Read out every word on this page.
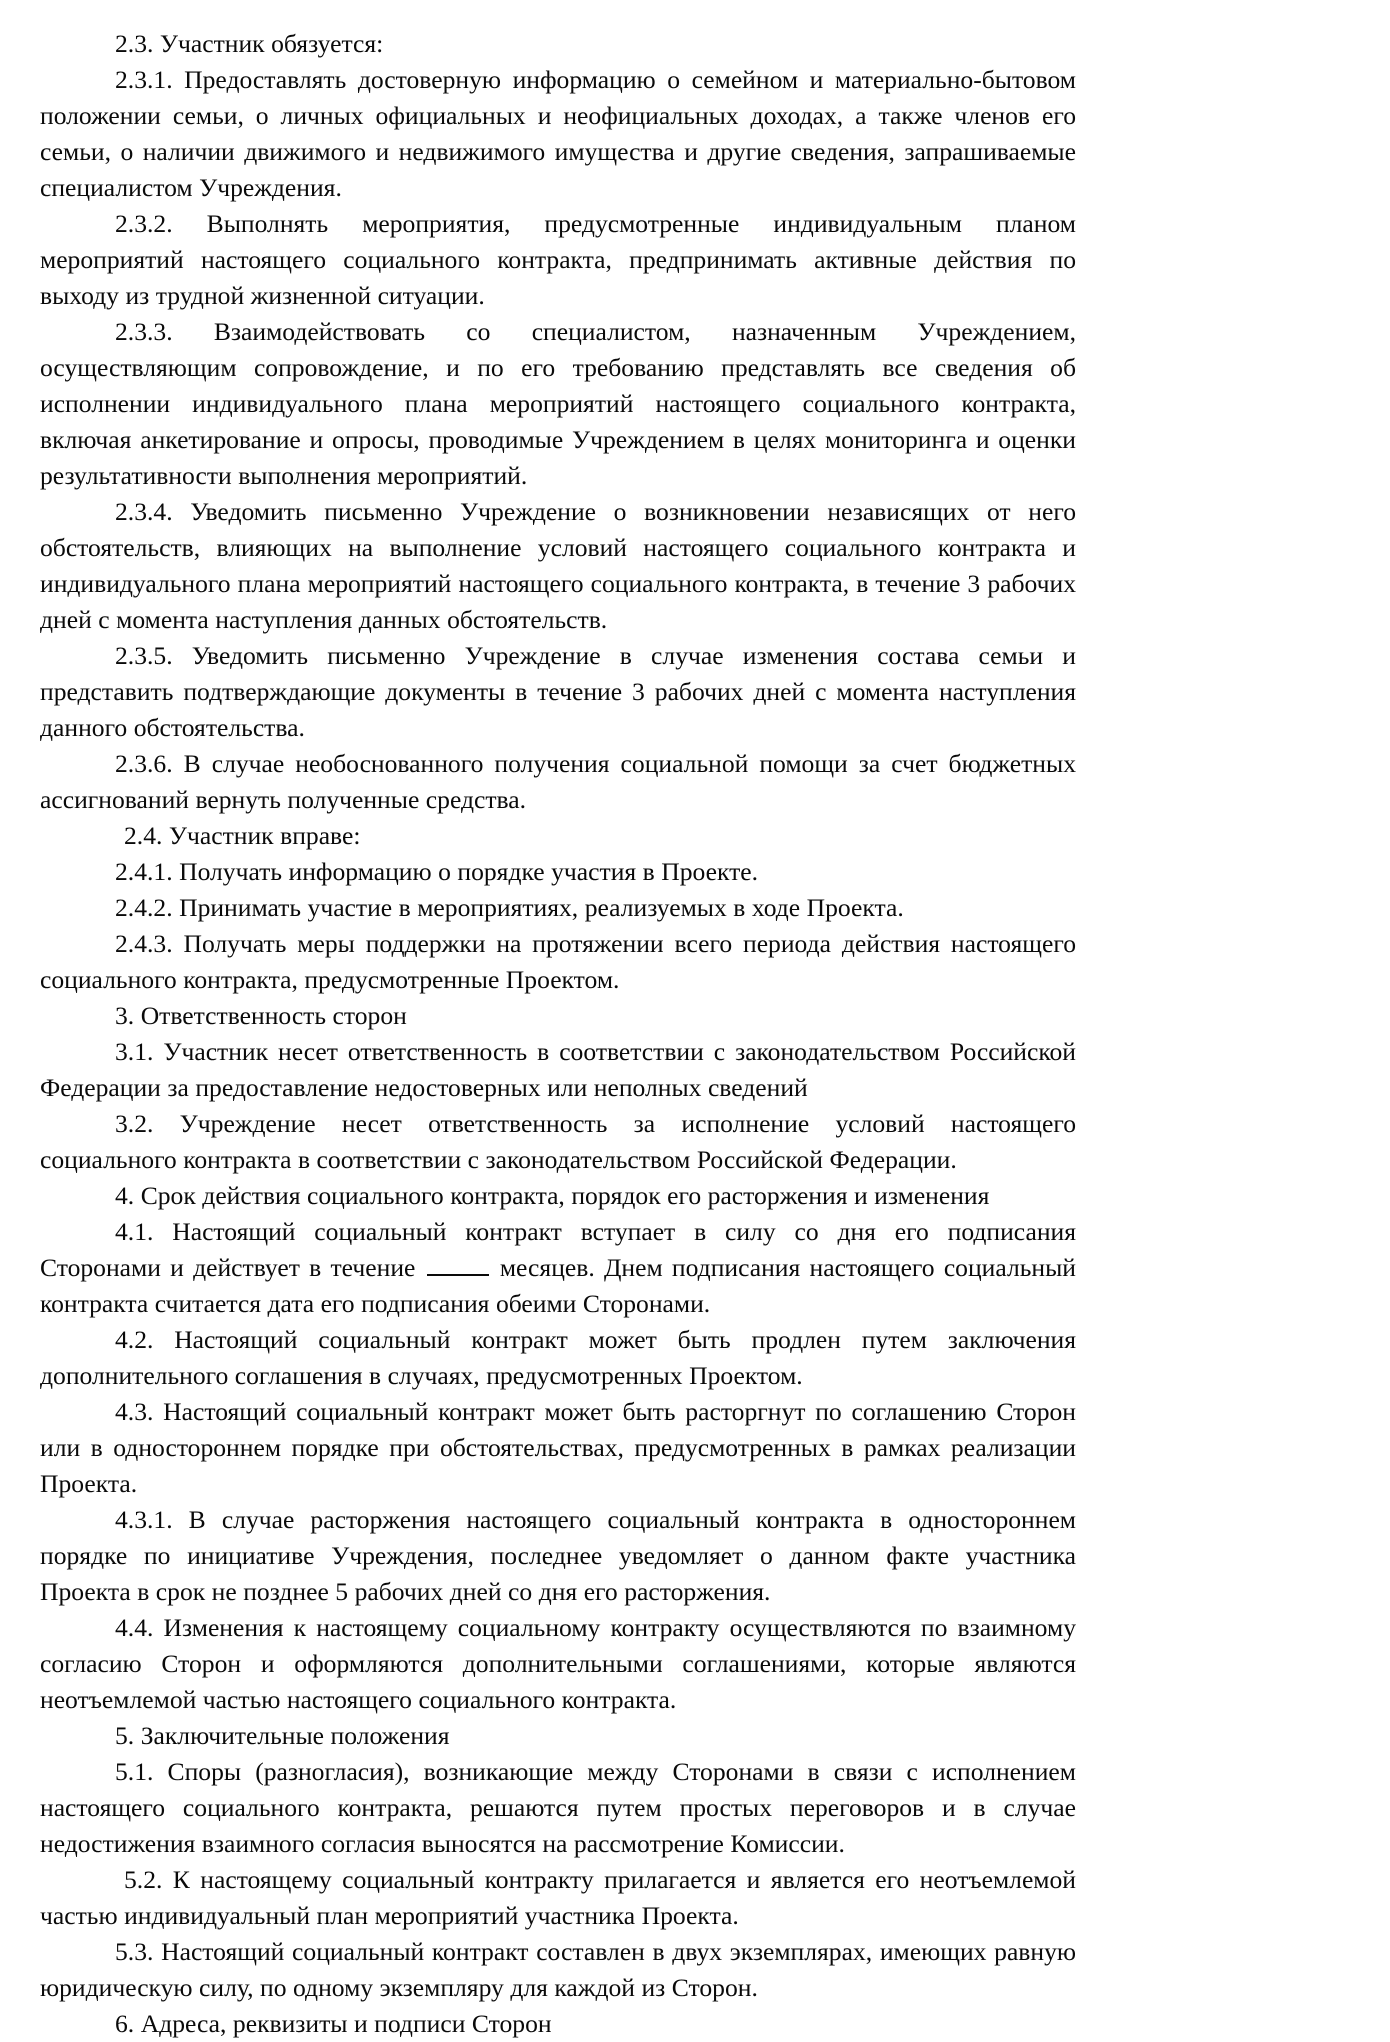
2.3. Участник обязуется:

2.3.1. Предоставлять достоверную информацию о семейном и материально-бытовом положении семьи, о личных официальных и неофициальных доходах, а также членов его семьи, о наличии движимого и недвижимого имущества и другие сведения, запрашиваемые специалистом Учреждения.

2.3.2. Выполнять мероприятия, предусмотренные индивидуальным планом мероприятий настоящего социального контракта, предпринимать активные действия по выходу из трудной жизненной ситуации.

2.3.3. Взаимодействовать со специалистом, назначенным Учреждением, осуществляющим сопровождение, и по его требованию представлять все сведения об исполнении индивидуального плана мероприятий настоящего социального контракта, включая анкетирование и опросы, проводимые Учреждением в целях мониторинга и оценки результативности выполнения мероприятий.

2.3.4. Уведомить письменно Учреждение о возникновении независящих от него обстоятельств, влияющих на выполнение условий настоящего социального контракта и индивидуального плана мероприятий настоящего социального контракта, в течение 3 рабочих дней с момента наступления данных обстоятельств.

2.3.5. Уведомить письменно Учреждение в случае изменения состава семьи и представить подтверждающие документы в течение 3 рабочих дней с момента наступления данного обстоятельства.

2.3.6. В случае необоснованного получения социальной помощи за счет бюджетных ассигнований вернуть полученные средства.

2.4. Участник вправе:

2.4.1. Получать информацию о порядке участия в Проекте.

2.4.2. Принимать участие в мероприятиях, реализуемых в ходе Проекта.

2.4.3. Получать меры поддержки на протяжении всего периода действия настоящего социального контракта, предусмотренные Проектом.

3. Ответственность сторон

3.1. Участник несет ответственность в соответствии с законодательством Российской Федерации за предоставление недостоверных или неполных сведений

3.2. Учреждение несет ответственность за исполнение условий настоящего социального контракта в соответствии с законодательством Российской Федерации.

4. Срок действия социального контракта, порядок его расторжения и изменения

4.1. Настоящий социальный контракт вступает в силу со дня его подписания Сторонами и действует в течение	месяцев. Днем подписания настоящего социальный контракта считается дата его подписания обеими Сторонами.

4.2. Настоящий социальный контракт может быть продлен путем заключения дополнительного соглашения в случаях, предусмотренных Проектом.

4.3. Настоящий социальный контракт может быть расторгнут по соглашению Сторон или в одностороннем порядке при обстоятельствах, предусмотренных в рамках реализации Проекта.

4.3.1. В случае расторжения настоящего социальный контракта в одностороннем порядке по инициативе Учреждения, последнее уведомляет о данном факте участника Проекта в срок не позднее 5 рабочих дней со дня его расторжения.

4.4. Изменения к настоящему социальному контракту осуществляются по взаимному согласию Сторон и оформляются дополнительными соглашениями, которые являются неотъемлемой частью настоящего социального контракта.

5. Заключительные положения

5.1. Споры (разногласия), возникающие между Сторонами в связи с исполнением настоящего социального контракта, решаются путем простых переговоров и в случае недостижения взаимного согласия выносятся на рассмотрение Комиссии.

5.2. К настоящему социальный контракту прилагается и является его неотъемлемой частью индивидуальный план мероприятий участника Проекта.

5.3. Настоящий социальный контракт составлен в двух экземплярах, имеющих равную юридическую силу, по одному экземпляру для каждой из Сторон.

6. Адреса, реквизиты и подписи Сторон
